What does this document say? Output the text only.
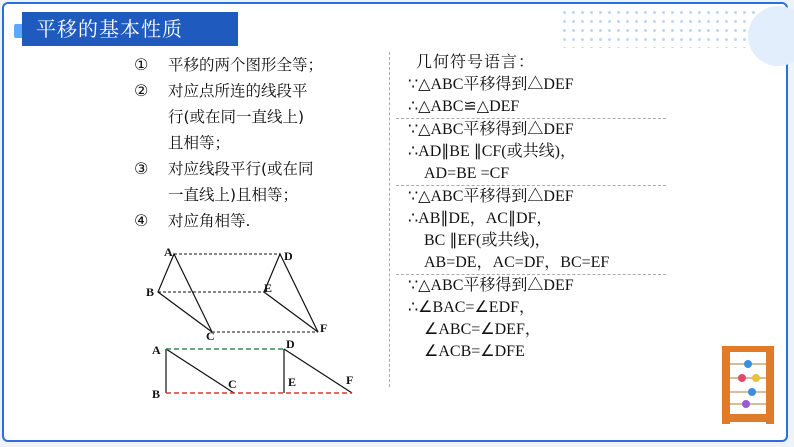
平移的基本性质
① 平移的两个图形全等；
② 对应点所连的线段平
行(或在同一直线上)
且相等；
③ 对应线段平行(或在同
一直线上)且相等；
④ 对应角相等.
几何符号语言：
∵△ABC平移得到△DEF
∴△ABC≌△DEF
∵△ABC平移得到△DEF
∴AD∥BE ∥CF(或共线)，
AD=BE =CF
∵△ABC平移得到△DEF
∴AB∥DE，AC∥DF，
BC ∥EF(或共线)，
AB=DE，AC=DF，BC=EF
∵△ABC平移得到△DEF
∴∠BAC=∠EDF，
∠ABC=∠DEF，
∠ACB=∠DFE
A
B
C
D
E
F
A
B
C
D
E	F
